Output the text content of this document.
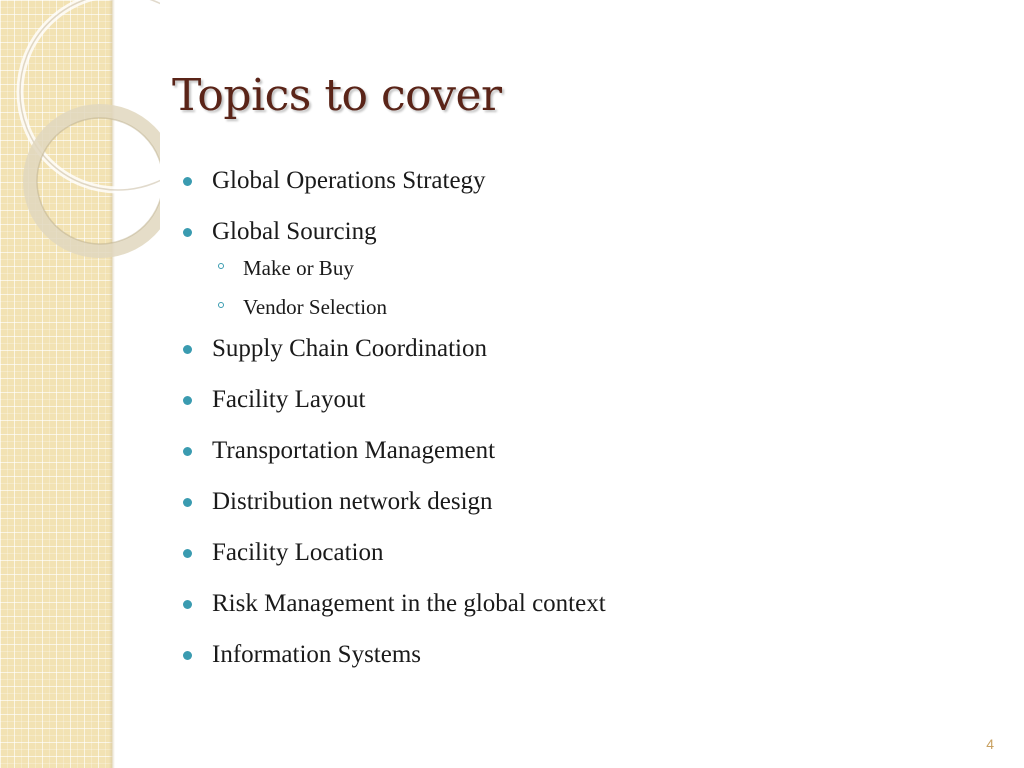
Topics to cover
Global Operations Strategy
Global Sourcing
Make or Buy
Vendor Selection
Supply Chain Coordination
Facility Layout
Transportation Management
Distribution network design
Facility Location
Risk Management in the global context
Information Systems
4
